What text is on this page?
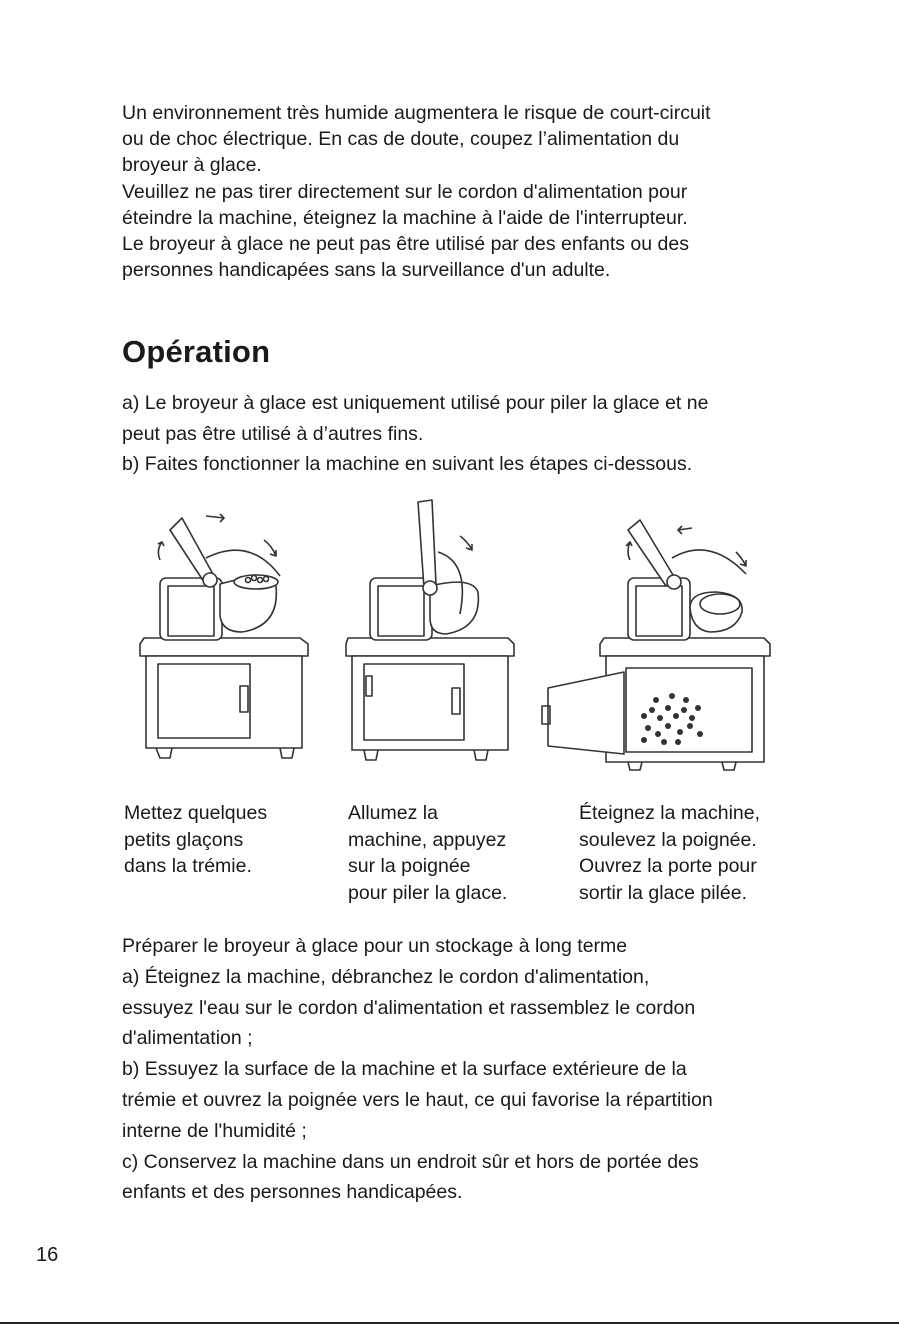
Un environnement très humide augmentera le risque de court-circuit

ou de choc électrique. En cas de doute, coupez l’alimentation du

broyeur à glace.

Veuillez ne pas tirer directement sur le cordon d'alimentation pour

éteindre la machine, éteignez la machine à l'aide de l'interrupteur.

Le broyeur à glace ne peut pas être utilisé par des enfants ou des

personnes handicapées sans la surveillance d'un adulte.

Opération

a) Le broyeur à glace est uniquement utilisé pour piler la glace et ne

peut pas être utilisé à d’autres fins.

b) Faites fonctionner la machine en suivant les étapes ci-dessous.

Mettez quelques

petits glaçons

dans la trémie.

Allumez la

machine, appuyez

sur la poignée

pour piler la glace.

Éteignez la machine,

soulevez la poignée.

Ouvrez la porte pour

sortir la glace pilée.

Préparer le broyeur à glace pour un stockage à long terme

a) Éteignez la machine, débranchez le cordon d'alimentation,

essuyez l'eau sur le cordon d'alimentation et rassemblez le cordon

d'alimentation ;

b) Essuyez la surface de la machine et la surface extérieure de la

trémie et ouvrez la poignée vers le haut, ce qui favorise la répartition

interne de l'humidité ;

c) Conservez la machine dans un endroit sûr et hors de portée des

enfants et des personnes handicapées.

16
